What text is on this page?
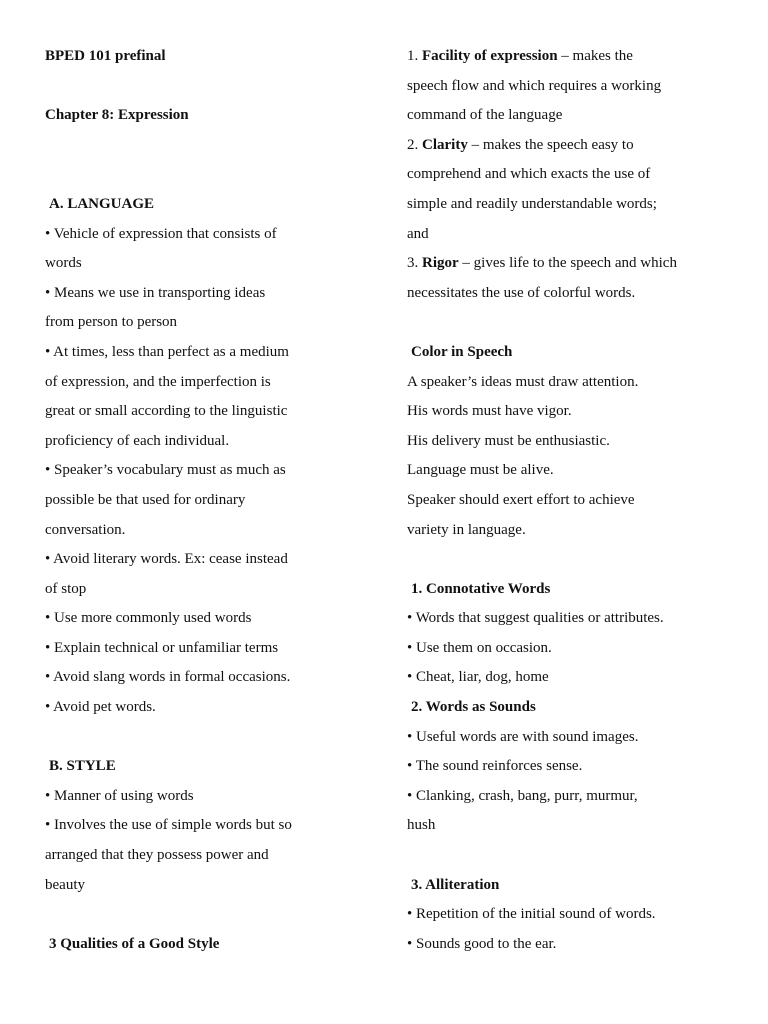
BPED 101 prefinal
Chapter 8: Expression
A. LANGUAGE
• Vehicle of expression that consists of
words
• Means we use in transporting ideas
from person to person
• At times, less than perfect as a medium
of expression, and the imperfection is
great or small according to the linguistic
proficiency of each individual.
• Speaker’s vocabulary must as much as
possible be that used for ordinary
conversation.
• Avoid literary words. Ex: cease instead
of stop
• Use more commonly used words
• Explain technical or unfamiliar terms
• Avoid slang words in formal occasions.
• Avoid pet words.
B. STYLE
• Manner of using words
• Involves the use of simple words but so
arranged that they possess power and
beauty
3 Qualities of a Good Style
1. Facility of expression – makes the
speech flow and which requires a working
command of the language
2. Clarity – makes the speech easy to
comprehend and which exacts the use of
simple and readily understandable words;
and
3. Rigor – gives life to the speech and which
necessitates the use of colorful words.
Color in Speech
A speaker’s ideas must draw attention.
His words must have vigor.
His delivery must be enthusiastic.
Language must be alive.
Speaker should exert effort to achieve
variety in language.
1. Connotative Words
• Words that suggest qualities or attributes.
• Use them on occasion.
• Cheat, liar, dog, home
2. Words as Sounds
• Useful words are with sound images.
• The sound reinforces sense.
• Clanking, crash, bang, purr, murmur,
hush
3. Alliteration
• Repetition of the initial sound of words.
• Sounds good to the ear.
